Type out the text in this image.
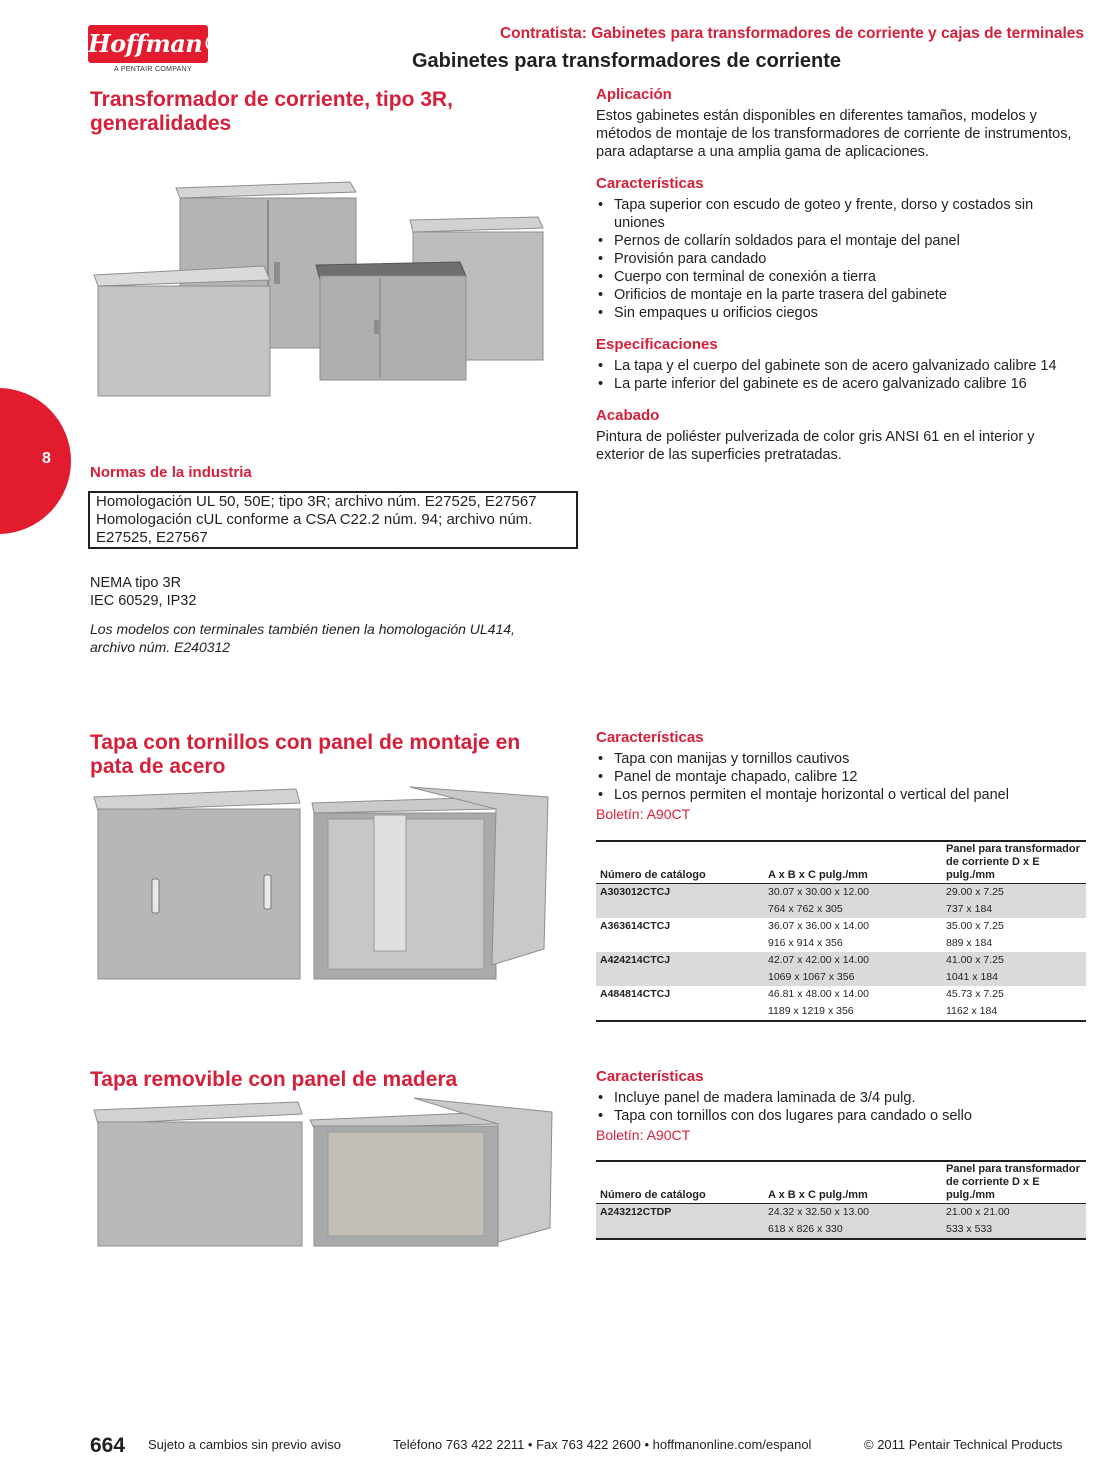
Hoffman®
A PENTAIR COMPANY
Contratista: Gabinetes para transformadores de corriente y cajas de terminales
Gabinetes para transformadores de corriente
8
Transformador de corriente, tipo 3R, generalidades
Normas de la industria
Homologación UL 50, 50E; tipo 3R; archivo núm. E27525, E27567
Homologación cUL conforme a CSA C22.2 núm. 94; archivo núm. E27525, E27567
NEMA tipo 3R
IEC 60529, IP32
Los modelos con terminales también tienen la homologación UL414, archivo núm. E240312
Aplicación
Estos gabinetes están disponibles en diferentes tamaños, modelos y métodos de montaje de los transformadores de corriente de instrumentos, para adaptarse a una amplia gama de aplicaciones.
Características
• Tapa superior con escudo de goteo y frente, dorso y costados sin uniones
• Pernos de collarín soldados para el montaje del panel
• Provisión para candado
• Cuerpo con terminal de conexión a tierra
• Orificios de montaje en la parte trasera del gabinete
• Sin empaques u orificios ciegos
Especificaciones
• La tapa y el cuerpo del gabinete son de acero galvanizado calibre 14
• La parte inferior del gabinete es de acero galvanizado calibre 16
Acabado
Pintura de poliéster pulverizada de color gris ANSI 61 en el interior y exterior de las superficies pretratadas.
Tapa con tornillos con panel de montaje en pata de acero
Características
• Tapa con manijas y tornillos cautivos
• Panel de montaje chapado, calibre 12
• Los pernos permiten el montaje horizontal o vertical del panel
Boletín: A90CT
Número de catálogo	A x B x C pulg./mm	Panel para transformador de corriente D x E pulg./mm
A303012CTCJ	30.07 x 30.00 x 12.00	29.00 x 7.25
	764 x 762 x 305	737 x 184
A363614CTCJ	36.07 x 36.00 x 14.00	35.00 x 7.25
	916 x 914 x 356	889 x 184
A424214CTCJ	42.07 x 42.00 x 14.00	41.00 x 7.25
	1069 x 1067 x 356	1041 x 184
A484814CTCJ	46.81 x 48.00 x 14.00	45.73 x 7.25
	1189 x 1219 x 356	1162 x 184
Tapa removible con panel de madera	Características
• Incluye panel de madera laminada de 3/4 pulg.
• Tapa con tornillos con dos lugares para candado o sello
Boletín: A90CT
Número de catálogo	A x B x C pulg./mm	Panel para transformador de corriente D x E pulg./mm
A243212CTDP	24.32 x 32.50 x 13.00	21.00 x 21.00
	618 x 826 x 330	533 x 533
664 Sujeto a cambios sin previo aviso	Teléfono 763 422 2211 • Fax 763 422 2600 • hoffmanonline.com/espanol	© 2011 Pentair Technical Products
